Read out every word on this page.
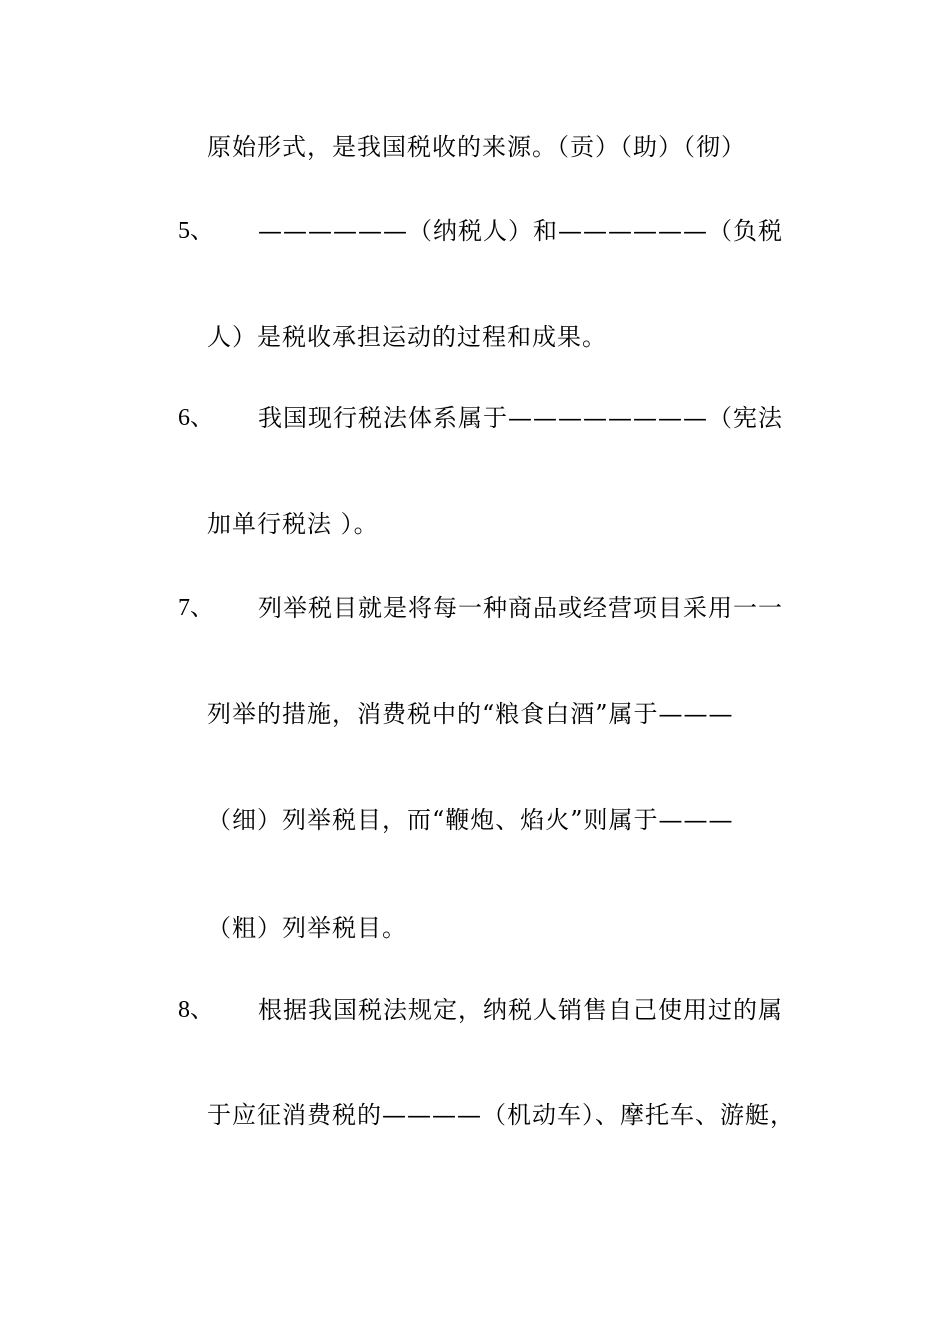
原始形式，是我国税收的来源。（贡）（助）（彻）
5、 ——————（纳税人）和——————（负税
人）是税收承担运动的过程和成果。
6、 我国现行税法体系属于————————（宪法
加单行税法 ）。
7、 列举税目就是将每一种商品或经营项目采用一一
列举的措施，消费税中的“粮食白酒”属于———
（细）列举税目，而“鞭炮、焰火”则属于———
（粗）列举税目。
8、 根据我国税法规定，纳税人销售自己使用过的属
于应征消费税的————（机动车）、摩托车、游艇，
